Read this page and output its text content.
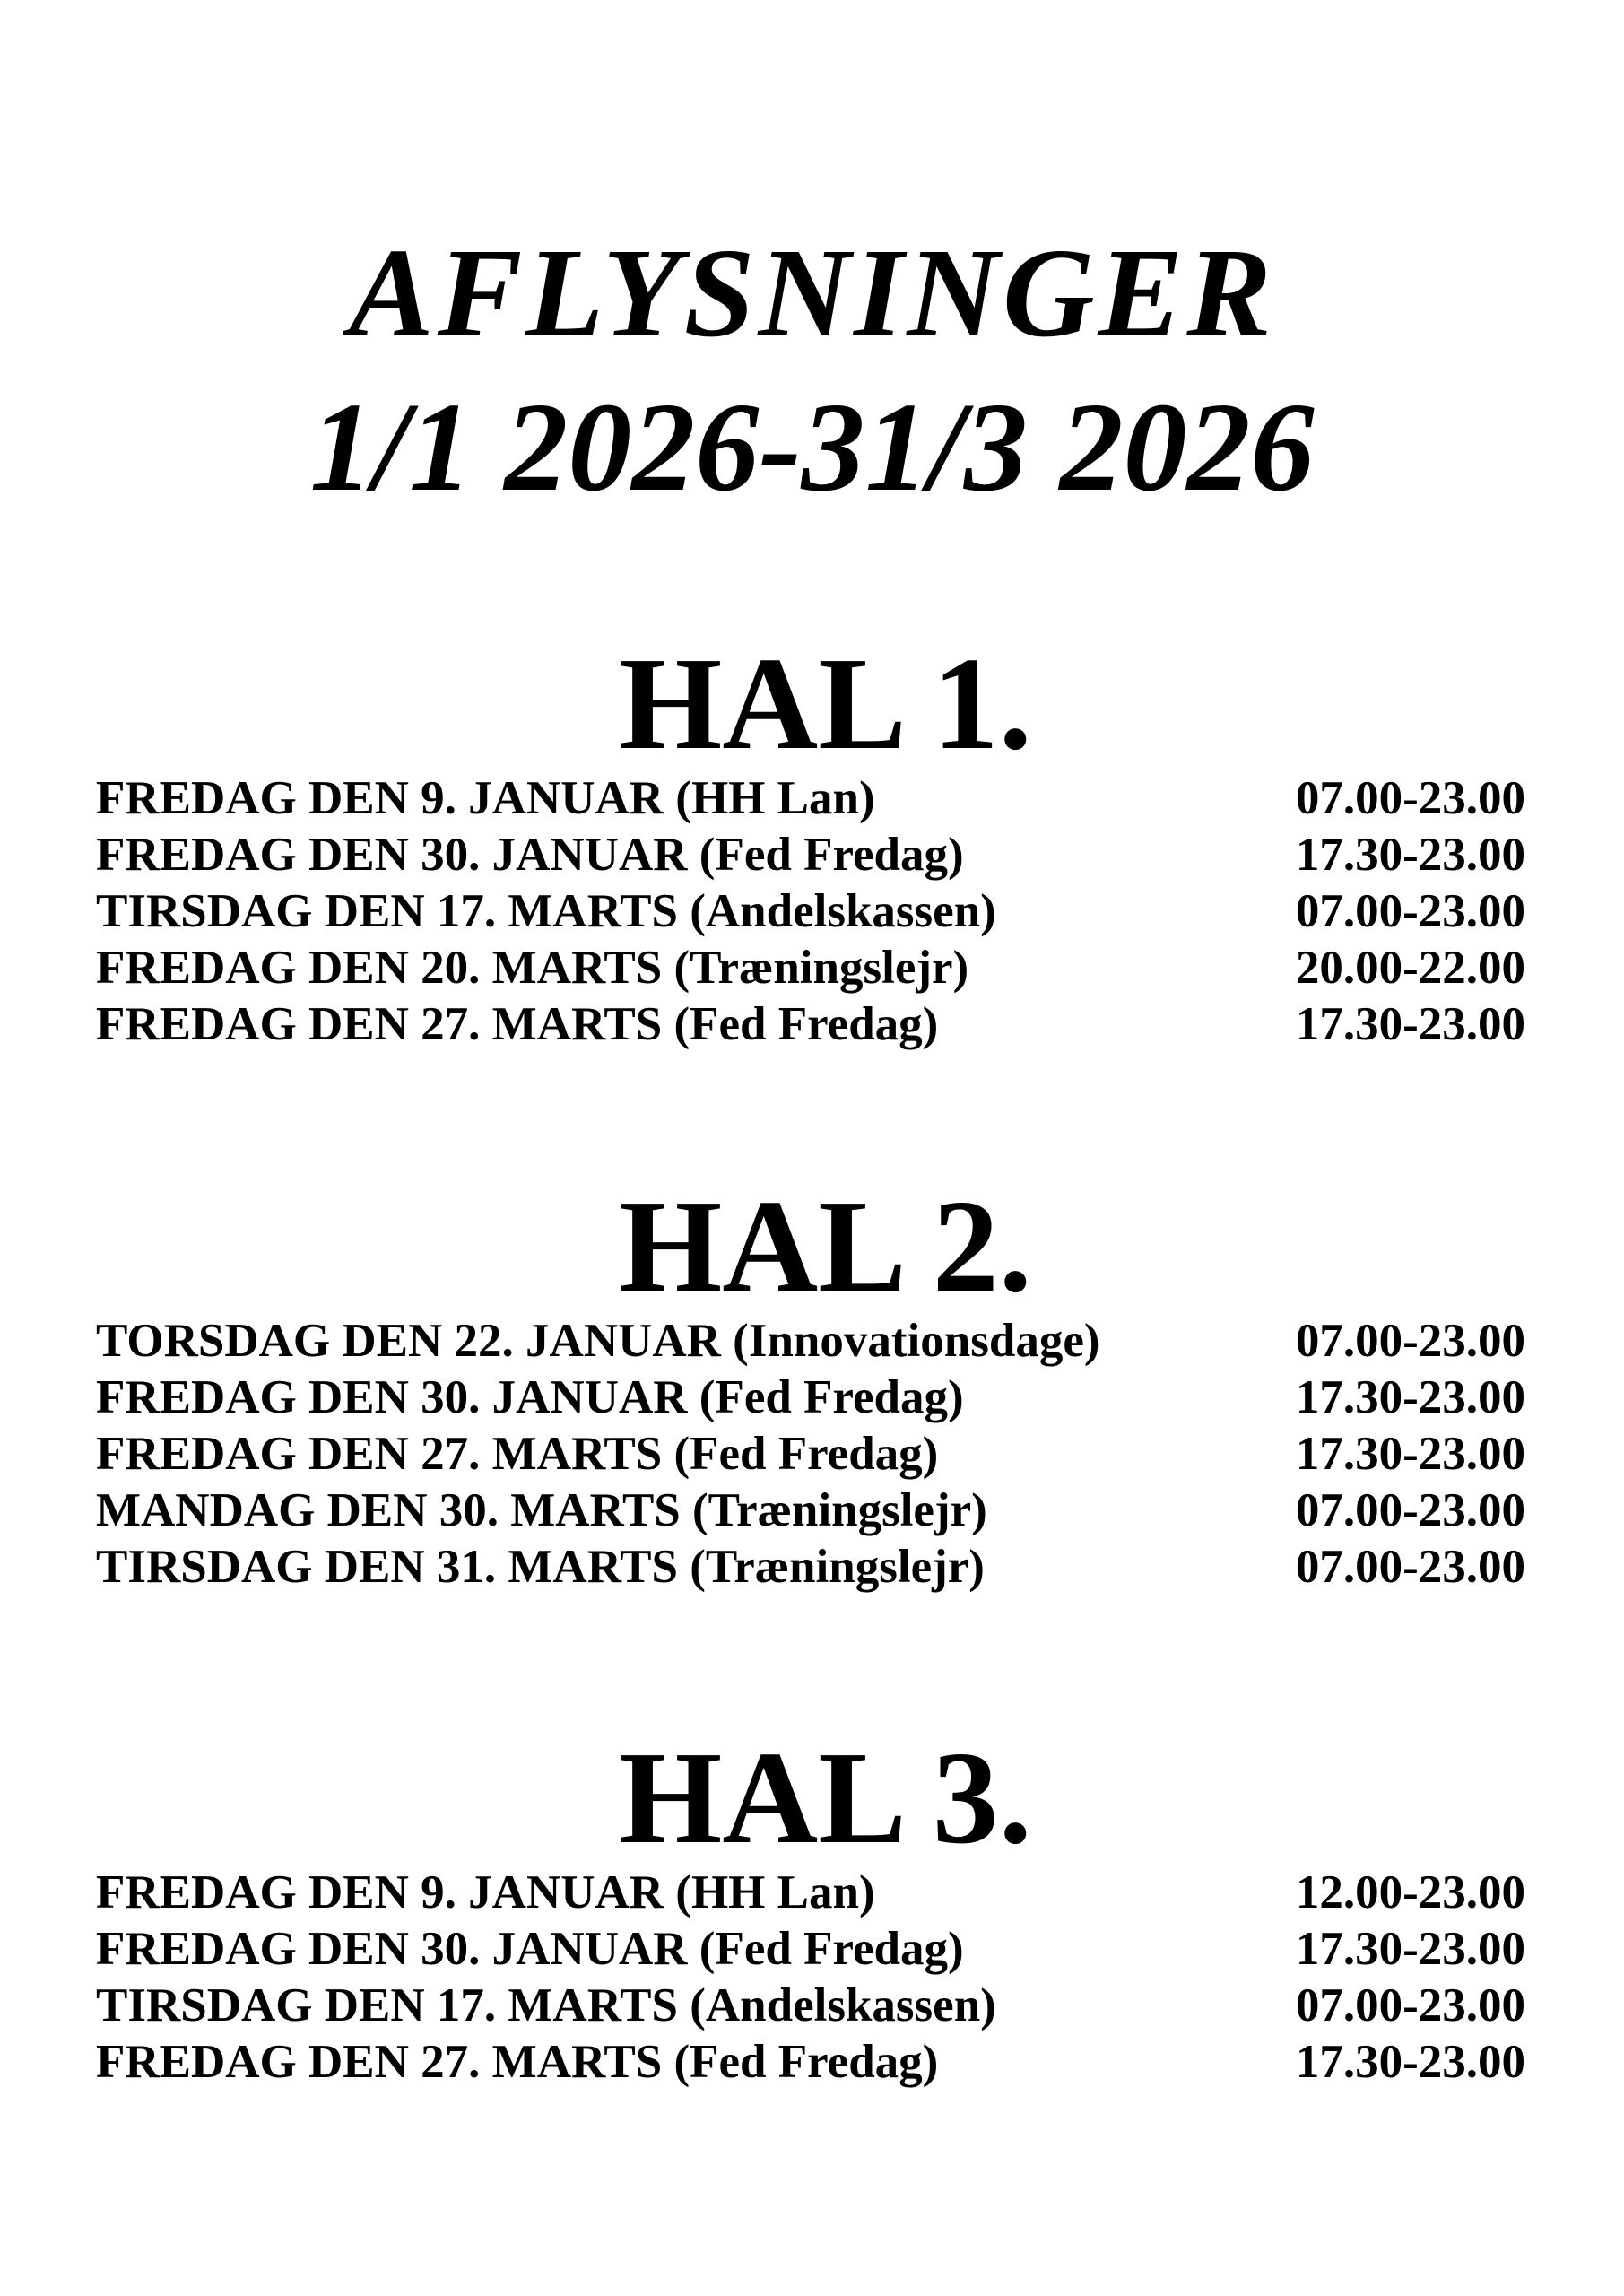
AFLYSNINGER
1/1 2026-31/3 2026
HAL 1.
FREDAG DEN 9. JANUAR (HH Lan)	07.00-23.00
FREDAG DEN 30. JANUAR (Fed Fredag)	17.30-23.00
TIRSDAG DEN 17. MARTS (Andelskassen)	07.00-23.00
FREDAG DEN 20. MARTS (Træningslejr)	20.00-22.00
FREDAG DEN 27. MARTS (Fed Fredag)	17.30-23.00
HAL 2.
TORSDAG DEN 22. JANUAR (Innovationsdage)	07.00-23.00
FREDAG DEN 30. JANUAR (Fed Fredag)	17.30-23.00
FREDAG DEN 27. MARTS (Fed Fredag)	17.30-23.00
MANDAG DEN 30. MARTS (Træningslejr)	07.00-23.00
TIRSDAG DEN 31. MARTS (Træningslejr)	07.00-23.00
HAL 3.
FREDAG DEN 9. JANUAR (HH Lan)	12.00-23.00
FREDAG DEN 30. JANUAR (Fed Fredag)	17.30-23.00
TIRSDAG DEN 17. MARTS (Andelskassen)	07.00-23.00
FREDAG DEN 27. MARTS (Fed Fredag)	17.30-23.00
